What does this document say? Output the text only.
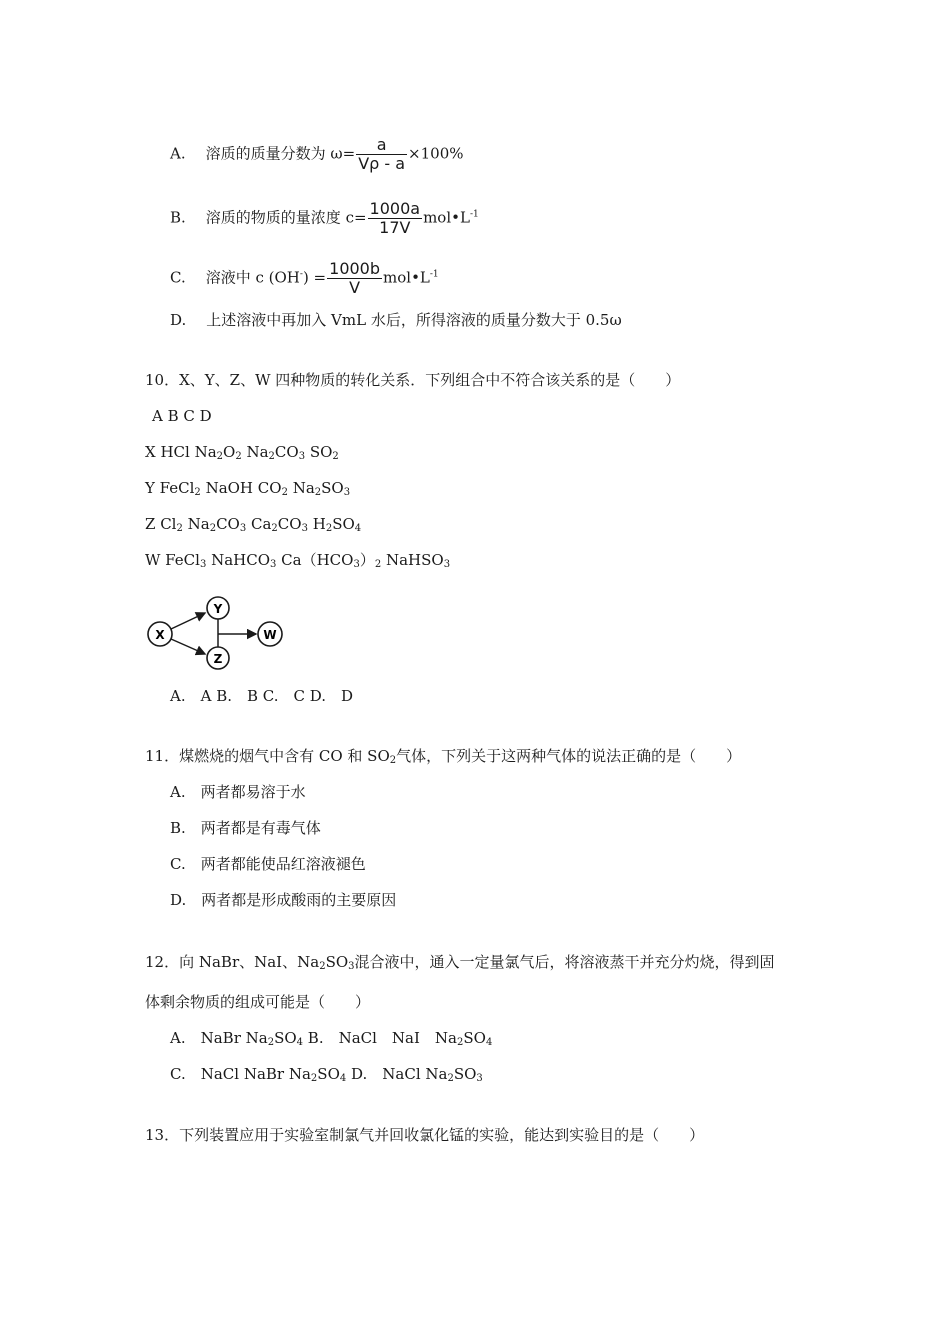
A. 溶质的质量分数为 $\omega= \frac{a}{V\rho - a} \times 100\%$
B. 溶质的物质的量浓度 $c= \frac{1000a}{17V}$ $mol•L^{-1}$
C. 溶液中 c $(OH^-) = \frac{1000b}{V}$ $mol•L^{-1}$
D. 上述溶液中再加入 VmL 水后，所得溶液的质量分数大于 0.5ω
10．X、Y、Z、W 四种物质的转化关系．下列组合中不符合该关系的是（　　）
A B C D
X HCl $Na_2O_2$ $Na_2CO_3$ $SO_2$
Y FeCl$_2$ NaOH $CO_2$ $Na_2SO_3$
Z $Cl_2$ $Na_2CO_3$ $Ca_2CO_3$ $H_2SO_4$
W FeCl$_3$ NaHCO$_3$ $Ca(HCO_3)_2$ NaHSO$_3$
X
Y
Z
W
A.　A B.　B C.　C D.　D
11．煤燃烧的烟气中含有 CO 和 $SO_2$气体，下列关于这两种气体的说法正确的是（　　）
A.　两者都易溶于水
B.　两者都是有毒气体
C.　两者都能使品红溶液褪色
D.　两者都是形成酸雨的主要原因
12．向 NaBr、NaI、$Na_2SO_3$混合液中，通入一定量氯气后，将溶液蒸干并充分灼烧，得到固
体剩余物质的组成可能是（　　）
A.　NaBr $Na_2SO_4$ B.　NaCl　NaI　$Na_2SO_4$
C.　NaCl NaBr $Na_2SO_4$ D.　NaCl $Na_2SO_3$
13．下列装置应用于实验室制氯气并回收氯化锰的实验，能达到实验目的是（　　）
